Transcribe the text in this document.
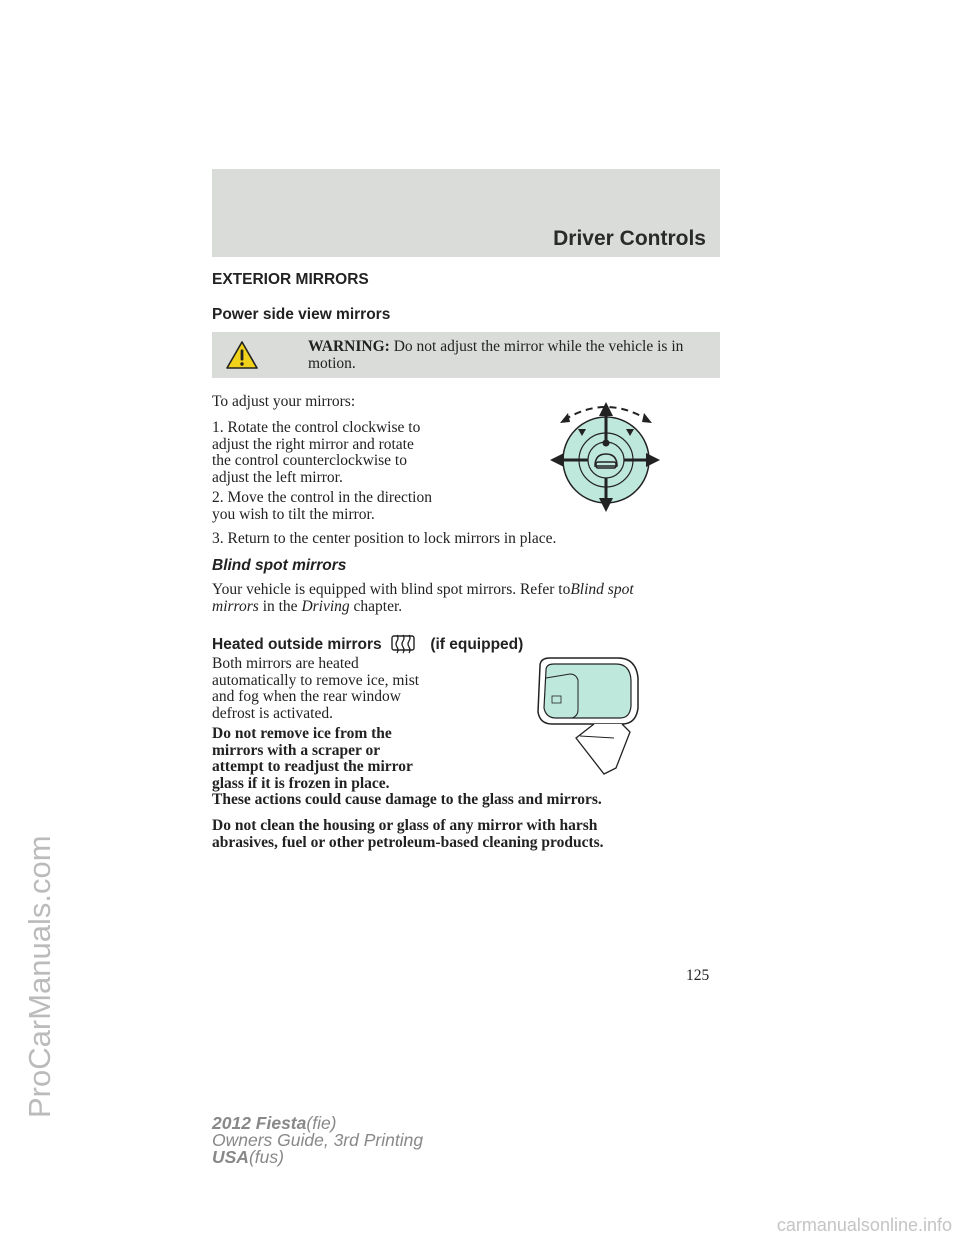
Driver Controls
EXTERIOR MIRRORS
Power side view mirrors
WARNING: Do not adjust the mirror while the vehicle is in
motion.
To adjust your mirrors:
1. Rotate the control clockwise to
adjust the right mirror and rotate
the control counterclockwise to
adjust the left mirror.
2. Move the control in the direction
you wish to tilt the mirror.
3. Return to the center position to lock mirrors in place.
Blind spot mirrors
Your vehicle is equipped with blind spot mirrors. Refer toBlind spot
mirrors in the Driving chapter.
Heated outside mirrors	(if equipped)
Both mirrors are heated
automatically to remove ice, mist
and fog when the rear window
defrost is activated.
Do not remove ice from the
mirrors with a scraper or
attempt to readjust the mirror
glass if it is frozen in place.
These actions could cause damage to the glass and mirrors.
Do not clean the housing or glass of any mirror with harsh
abrasives, fuel or other petroleum-based cleaning products.
125
2012 Fiesta(fie)
Owners Guide, 3rd Printing
USA(fus)
ProCarManuals.com
carmanualsonline.info
